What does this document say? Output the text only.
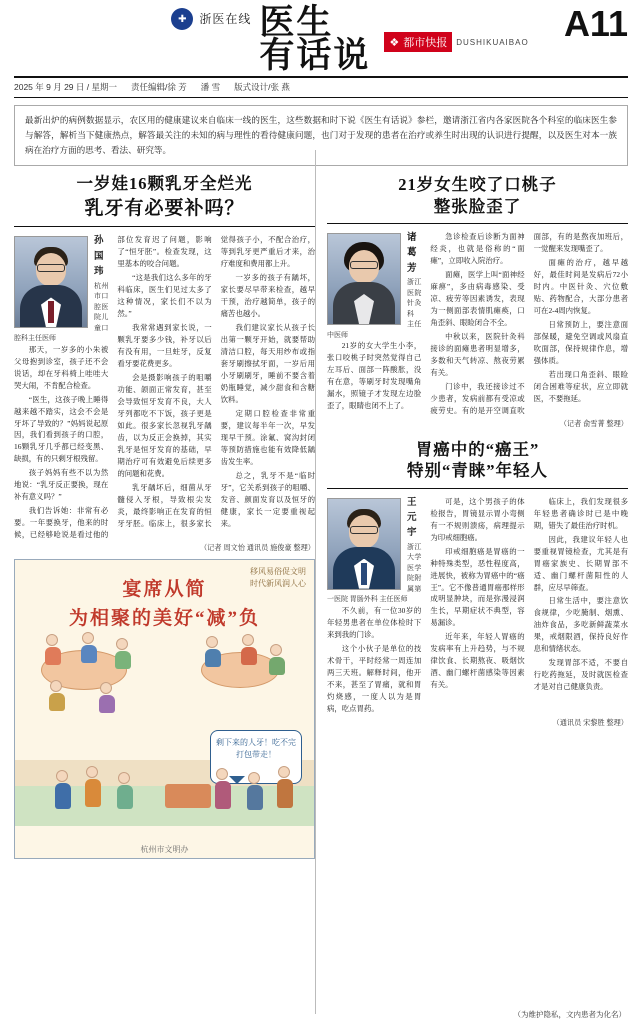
✚	浙医在线 医生
有话说 ❖ 都市快报 DUSHIKUAIBAO A11
2025 年 9 月 29 日 / 星期一 责任编辑/徐 芳 潘 雪 版式设计/张 燕
最新出炉的病例数据显示，农区用的健康建议来自临床一线的医生，这些数据和时下说《医生有话说》参栏，邀请浙江省内各家医院各个科室的临床医生参与解答，解析当下健康热点，解答最关注的未知的病与理性的看待健康问题，也门对于发现的患者在治疗或养生时出现的认识进行提醒，以及医生对本一族病在治疗方面的思考、看法、研究等。
一岁娃16颗乳牙全烂光
乳牙有必要补吗？
孙国玮
杭州市口腔医院儿童口腔科主任医师

那天，一岁多的小朱被父母抱到诊室，孩子还不会说话，却在牙科椅上哇哇大哭大闹，不肯配合检查。

“医生，这孩子晚上睡得越来越不踏实，这会不会是牙坏了导致的？”妈妈说起原因，我们看到孩子的口腔，16颗乳牙几乎都已经变黑、缺损，有的只剩牙根残留。

孩子妈妈有些不以为然地说：“乳牙反正要换，现在补有意义吗？”

我们告诉她：非常有必要。一年要换牙，他来的时候，已经够呛说是看过他的部位发育迟了问题，影响了“恒牙胚”。检查发现，这里基本的咬合问题。

“这是我们这么多年的牙科临床，医生们见过太多了这种情况，家长们不以为然。”

我常常遇到家长说，一颗乳牙要多少钱，补牙以后有没有用，一旦蛀牙，反复看牙要花费更多。

会是摄影响孩子的咀嚼功能、颌面正常发育，甚至会导致恒牙发育不良，大人牙列都吃不下饭，孩子更是如此。很多家长忽视乳牙龋齿，以为反正会换掉，其实乳牙是恒牙发育的基础，早期治疗可有效避免后续更多的问题和花费。

乳牙龋坏后，细菌从牙髓侵入牙根，导致根尖发炎，最终影响正在发育的恒牙牙胚。临床上，很多家长觉得孩子小，不配合治疗，等到乳牙更严重后才来，治疗难度和费用都上升。

一岁多的孩子有龋坏，家长要尽早带来检查，越早干预，治疗越简单，孩子的痛苦也越小。

我们建议家长从孩子长出第一颗牙开始，就要帮助清洁口腔，每天用纱布或指套牙刷擦拭牙面，一岁后用小牙刷刷牙，睡前不要含着奶瓶睡觉，减少甜食和含糖饮料。

定期口腔检查非常重要，建议每半年一次，早发现早干预。涂氟、窝沟封闭等预防措施也能有效降低龋齿发生率。

总之，乳牙不是“临时牙”，它关系到孩子的咀嚼、发音、颜面发育以及恒牙的健康，家长一定要重视起来。

（记者 周文怡 通讯员 施俊豪 整理）
移风易俗促文明
时代新风润人心
宴席从简
为相聚的美好“减”负
剩下来的人牙！吃不完打包带走！
杭州市文明办
21岁女生咬了口桃子
整张脸歪了
诸葛芳
浙江医院针灸科 主任中医师

21岁的女大学生小李，张口咬桃子时突然觉得自己左耳后、面部一阵酸胀，没有在意，等刷牙时发现嘴角漏水，照镜子才发现左边脸歪了，眼睛也闭不上了。

急诊检查后诊断为面神经炎，也就是俗称的“面瘫”，立即收入院治疗。

面瘫，医学上叫“面神经麻痹”，多由病毒感染、受凉、疲劳等因素诱发，表现为一侧面部表情肌瘫痪，口角歪斜、眼睑闭合不全。

中秋以来，医院针灸科接诊的面瘫患者明显增多，多数和天气转凉、熬夜劳累有关。

门诊中，我还接诊过不少患者，发病前都有受凉或疲劳史。有的是开空调直吹面部，有的是熬夜加班后，一觉醒来发现嘴歪了。

面瘫的治疗，越早越好，最佳时间是发病后72小时内。中医针灸、穴位敷贴、药物配合，大部分患者可在2-4周内恢复。

日常预防上，要注意面部保暖，避免空调或风扇直吹面部，保持规律作息，增强体质。

若出现口角歪斜、眼睑闭合困难等症状，应立即就医，不要拖延。

（记者 俞雪菁 整理）
胃癌中的“癌王”
特别“青睐”年轻人
王元宇
浙江大学医学院附属第一医院 胃肠外科 主任医师

不久前，有一位30岁的年轻男患者在单位体检时下来到我的门诊。

这个小伙子是单位的技术骨干，平时经常一周连加两三天班。解释时间，他开不来，甚至了胃痛，就和胃灼烧感，一度人以为是胃病，吃点胃药。

可是，这个男孩子的体检报告，胃镜显示胃小弯侧有一不规则溃疡，病理提示为印戒细胞癌。

印戒细胞癌是胃癌的一种特殊类型，恶性程度高，进展快，被称为胃癌中的“癌王”。它不像普通胃癌那样形成明显肿块，而是弥漫浸润生长，早期症状不典型，容易漏诊。

近年来，年轻人胃癌的发病率有上升趋势，与不规律饮食、长期熬夜、吸烟饮酒、幽门螺杆菌感染等因素有关。

临床上，我们发现很多年轻患者确诊时已是中晚期，错失了最佳治疗时机。

因此，我建议年轻人也要重视胃镜检查，尤其是有胃癌家族史、长期胃部不适、幽门螺杆菌阳性的人群，应尽早筛查。

日常生活中，要注意饮食规律，少吃腌制、烟熏、油炸食品，多吃新鲜蔬菜水果，戒烟限酒，保持良好作息和情绪状态。

发现胃部不适，不要自行吃药拖延，及时就医检查才是对自己健康负责。

（通讯员 宋黎胜 整理）
（为维护隐私，文内患者为化名）
